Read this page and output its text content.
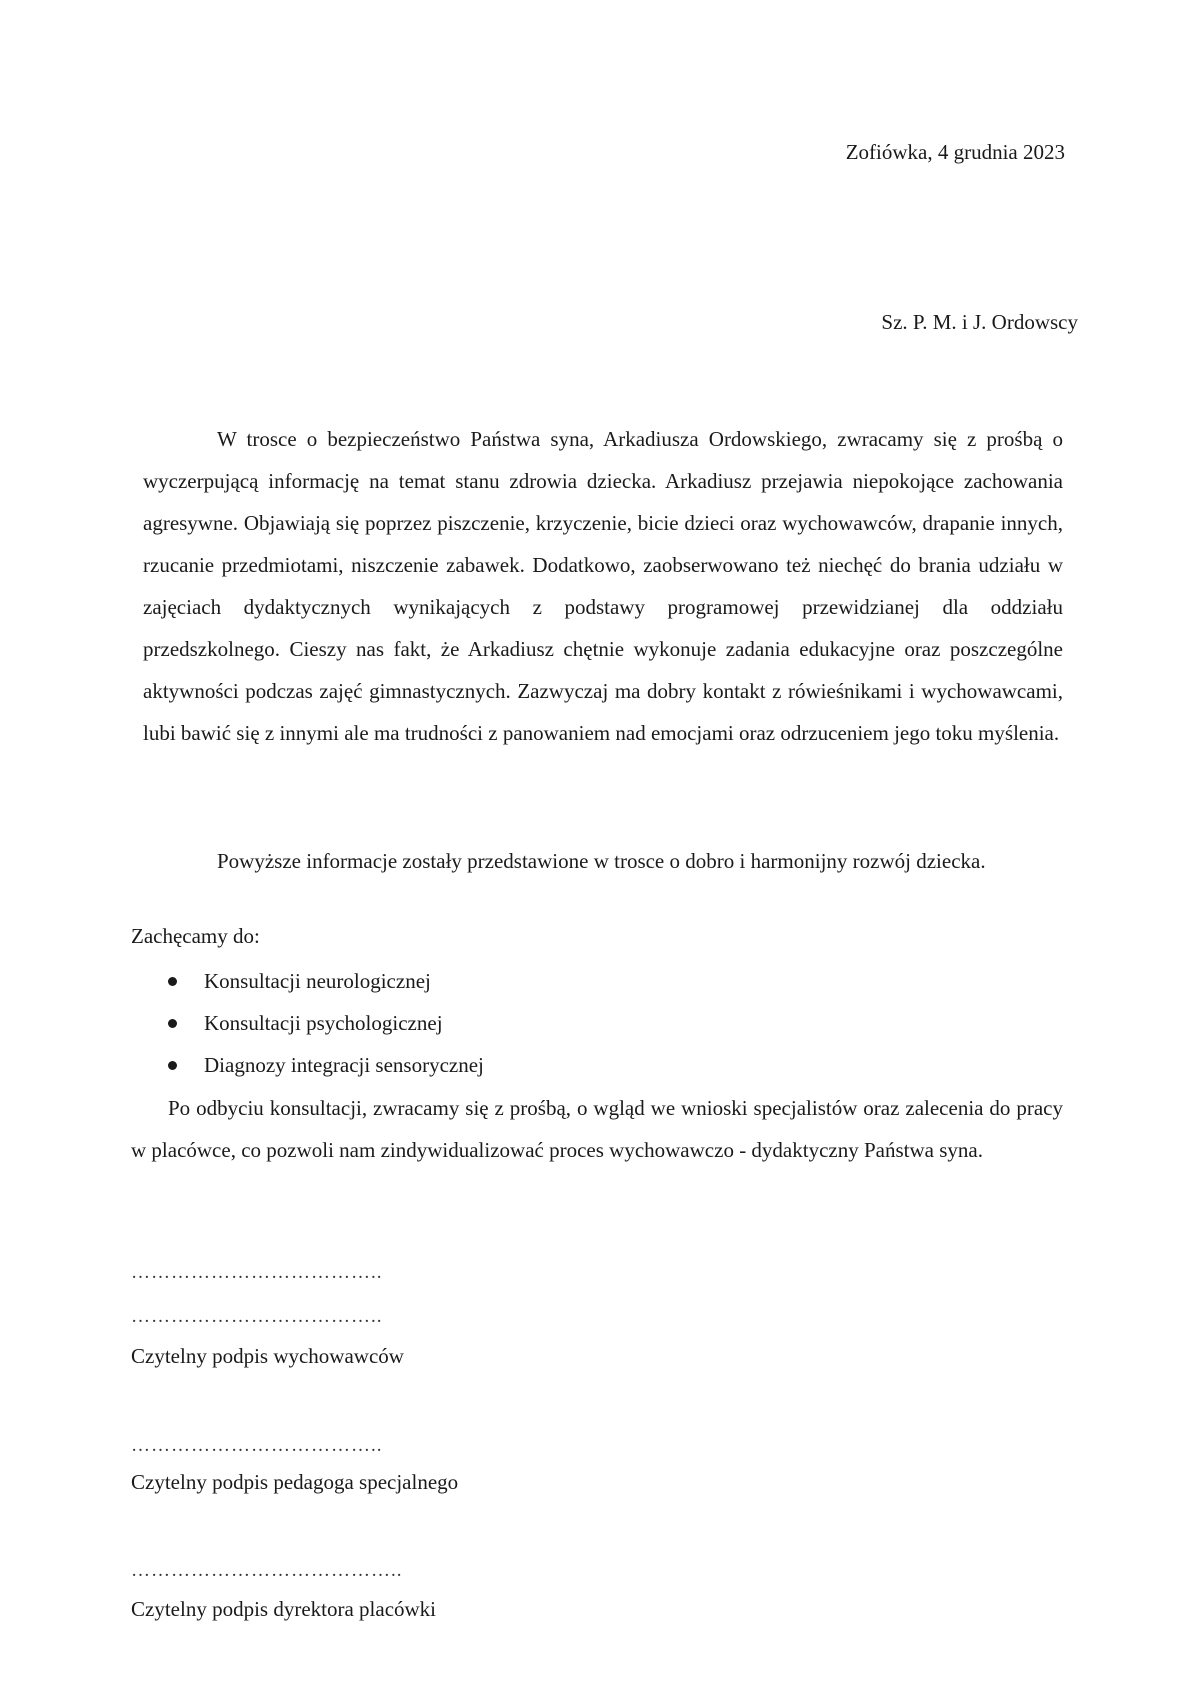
Zofiówka, 4 grudnia 2023
Sz. P. M. i J. Ordowscy
W trosce o bezpieczeństwo Państwa syna, Arkadiusza Ordowskiego, zwracamy się z prośbą o wyczerpującą informację na temat stanu zdrowia dziecka. Arkadiusz przejawia niepokojące zachowania agresywne. Objawiają się poprzez piszczenie, krzyczenie, bicie dzieci oraz wychowawców, drapanie innych, rzucanie przedmiotami, niszczenie zabawek. Dodatkowo, zaobserwowano też niechęć do brania udziału w zajęciach dydaktycznych wynikających z podstawy programowej przewidzianej dla oddziału przedszkolnego. Cieszy nas fakt, że Arkadiusz chętnie wykonuje zadania edukacyjne oraz poszczególne aktywności podczas zajęć gimnastycznych. Zazwyczaj ma dobry kontakt z rówieśnikami i wychowawcami, lubi bawić się z innymi ale ma trudności z panowaniem nad emocjami oraz odrzuceniem jego toku myślenia.
Powyższe informacje zostały przedstawione w trosce o dobro i harmonijny rozwój dziecka.
Zachęcamy do:
Konsultacji neurologicznej
Konsultacji psychologicznej
Diagnozy integracji sensorycznej
Po odbyciu konsultacji, zwracamy się z prośbą, o wgląd we wnioski specjalistów oraz zalecenia do pracy w placówce, co pozwoli nam zindywidualizować proces wychowawczo - dydaktyczny Państwa syna.
………………………………..
………………………………..
Czytelny podpis wychowawców
………………………………..
Czytelny podpis pedagoga specjalnego
…………………………………..
Czytelny podpis dyrektora placówki
